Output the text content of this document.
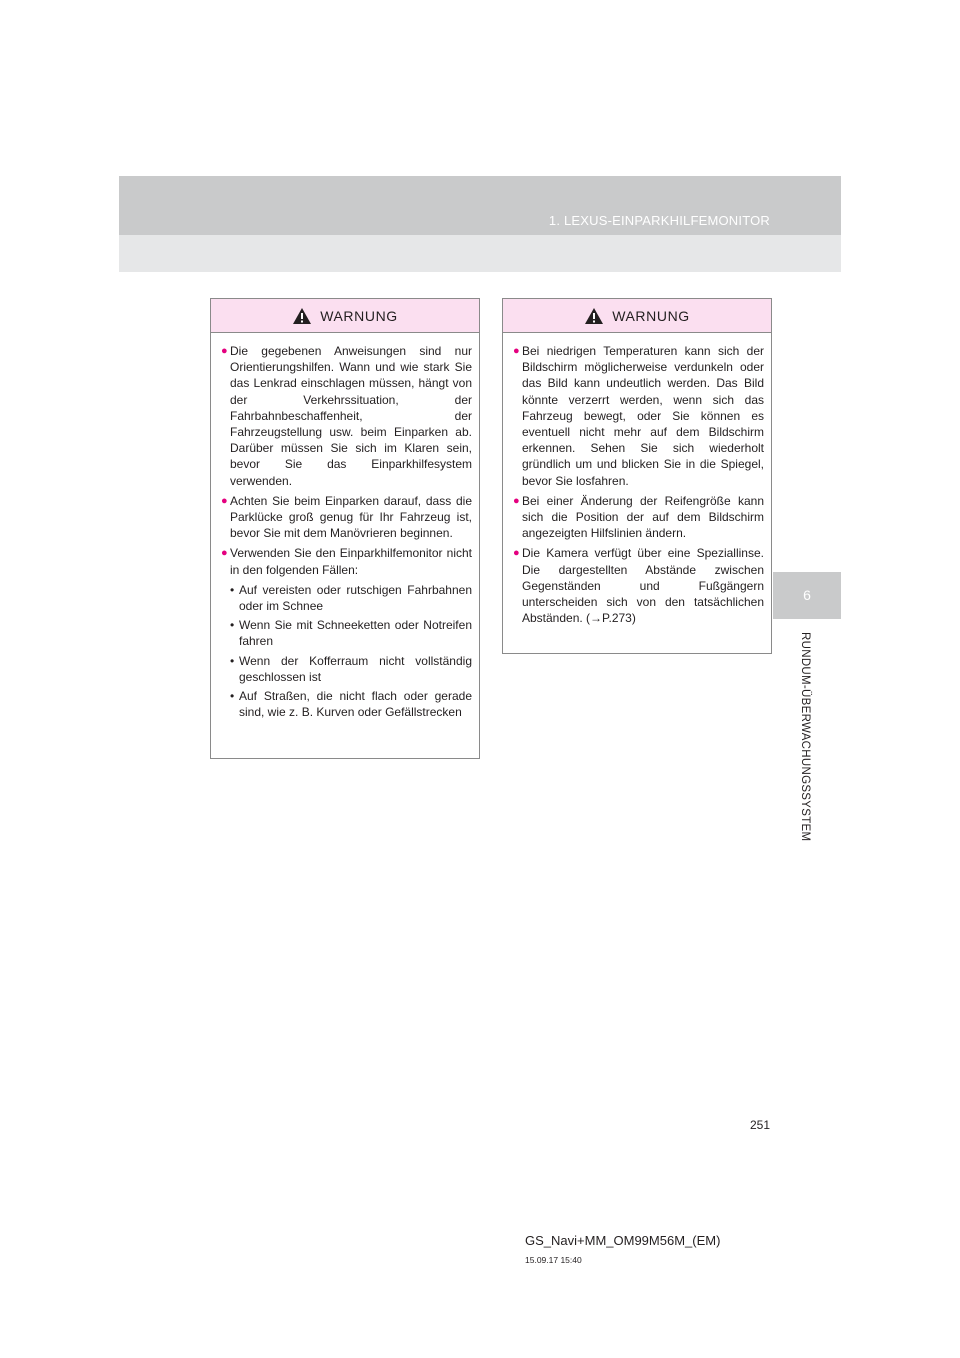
1. LEXUS-EINPARKHILFEMONITOR
6
RUNDUM-ÜBERWACHUNGSSYSTEM
WARNUNG
● Die gegebenen Anweisungen sind nur Orientierungshilfen. Wann und wie stark Sie das Lenkrad einschlagen müssen, hängt von der Verkehrssituation, der Fahrbahnbeschaffenheit, der Fahrzeugstellung usw. beim Einparken ab. Darüber müssen Sie sich im Klaren sein, bevor Sie das Einparkhilfesystem verwenden.
● Achten Sie beim Einparken darauf, dass die Parklücke groß genug für Ihr Fahrzeug ist, bevor Sie mit dem Manövrieren beginnen.
● Verwenden Sie den Einparkhilfemonitor nicht in den folgenden Fällen:
• Auf vereisten oder rutschigen Fahrbahnen oder im Schnee
• Wenn Sie mit Schneeketten oder Notreifen fahren
• Wenn der Kofferraum nicht vollständig geschlossen ist
• Auf Straßen, die nicht flach oder gerade sind, wie z. B. Kurven oder Gefällstrecken
WARNUNG
● Bei niedrigen Temperaturen kann sich der Bildschirm möglicherweise verdunkeln oder das Bild kann undeutlich werden. Das Bild könnte verzerrt werden, wenn sich das Fahrzeug bewegt, oder Sie können es eventuell nicht mehr auf dem Bildschirm erkennen. Sehen Sie sich wiederholt gründlich um und blicken Sie in die Spiegel, bevor Sie losfahren.
● Bei einer Änderung der Reifengröße kann sich die Position der auf dem Bildschirm angezeigten Hilfslinien ändern.
● Die Kamera verfügt über eine Speziallinse. Die dargestellten Abstände zwischen Gegenständen und Fußgängern unterscheiden sich von den tatsächlichen Abständen. (→P.273)
251
GS_Navi+MM_OM99M56M_(EM)
15.09.17 15:40
